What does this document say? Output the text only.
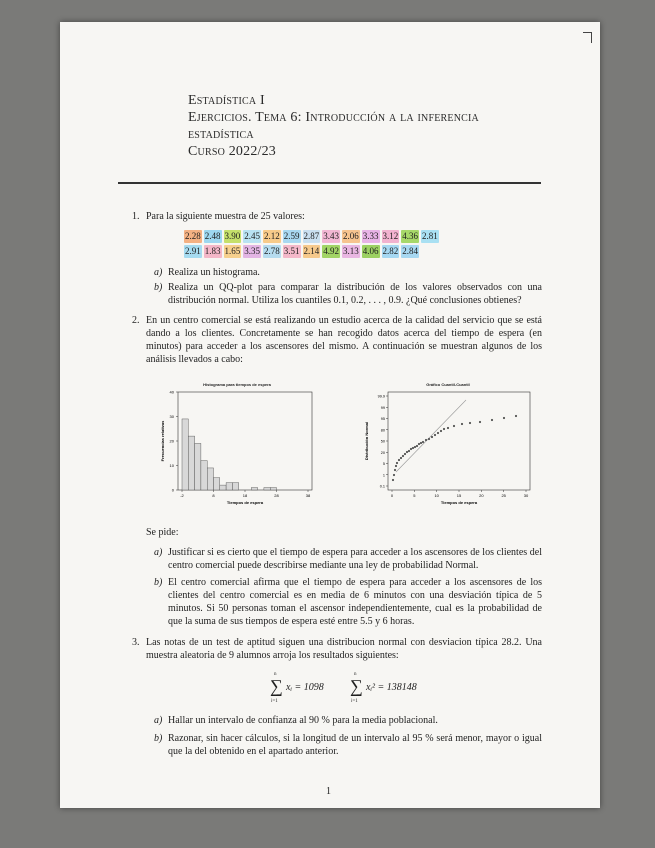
Estadística I
Ejercicios. Tema 6: Introducción a la inferencia
estadística
Curso 2022/23
1. Para la siguiente muestra de 25 valores:
2.28 2.48 3.90 2.45 2.12 2.59 2.87 3.43 2.06 3.33 3.12 4.36 2.81
2.91 1.83 1.65 3.35 2.78 3.51 2.14 4.92 3.13 4.06 2.82 2.84
a) Realiza un histograma.
b) Realiza un QQ-plot para comparar la distribución de los valores observados con una distribución normal. Utiliza los cuantiles 0.1, 0.2, . . . , 0.9. ¿Qué conclusiones obtienes?
2. En un centro comercial se está realizando un estudio acerca de la calidad del servicio que se está dando a los clientes. Concretamente se han recogido datos acerca del tiempo de espera (en minutos) para acceder a los ascensores del mismo. A continuación se muestran algunos de los análisis llevados a cabo:
Histograma para tiempos de espera
0
10
20
30
40
-2	8	18	28	38
Tiempos de espera
Frecuencias relativas
Gráfico Cuantil-Cuantil
0.1
1
5
20
50
80
95
99
99.9
0	5	10	15	20	25	30
Tiempos de espera
Distribución Normal
Se pide:
a) Justificar si es cierto que el tiempo de espera para acceder a los ascensores de los clientes del centro comercial puede describirse mediante una ley de probabilidad Normal.
b) El centro comercial afirma que el tiempo de espera para acceder a los ascensores de los clientes del centro comercial es en media de 6 minutos con una desviación típica de 5 minutos. Si 50 personas toman el ascensor independientemente, cual es la probabilidad de que la suma de sus tiempos de espera esté entre 5.5 y 6 horas.
3. Las notas de un test de aptitud siguen una distribucion normal con desviacion típica 28.2. Una muestra aleatoria de 9 alumnos arroja los resultados siguientes:
n
∑
i=1
xᵢ = 1098
n
∑
i=1
xᵢ² = 138148
a) Hallar un intervalo de confianza al 90 % para la media poblacional.
b) Razonar, sin hacer cálculos, si la longitud de un intervalo al 95 % será menor, mayor o igual que la del obtenido en el apartado anterior.
1
